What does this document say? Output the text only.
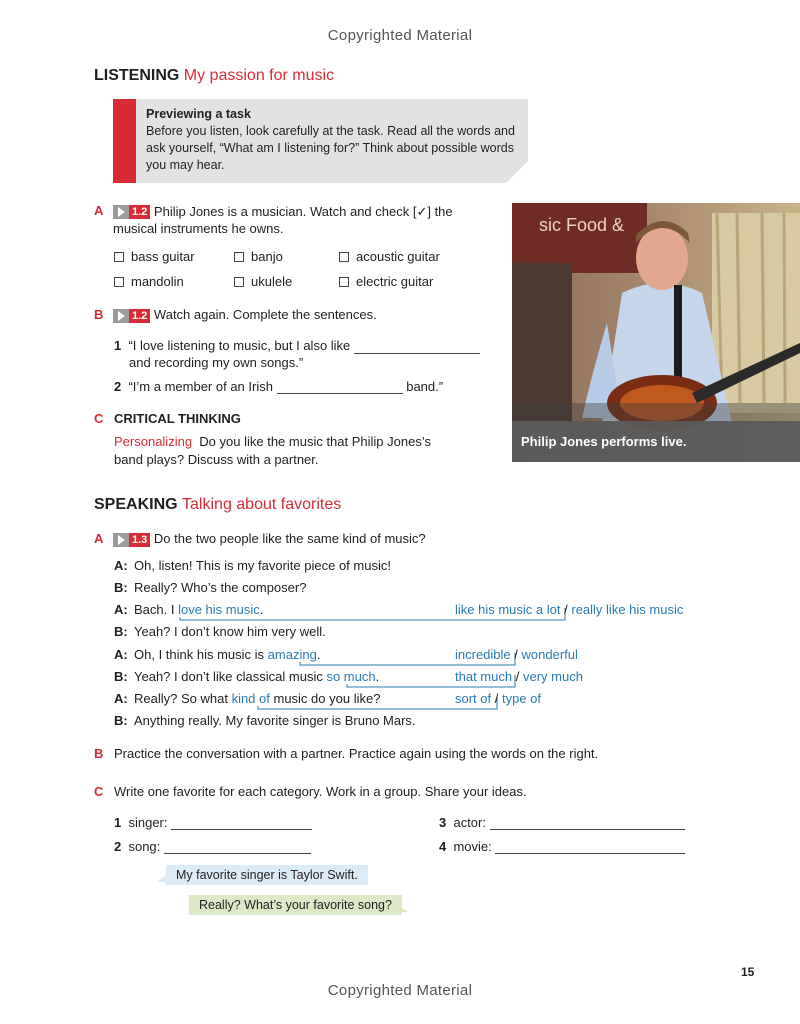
Copyrighted Material
Copyrighted Material
15
LISTENING My passion for music
Previewing a task
Before you listen, look carefully at the task. Read all the words and ask yourself, “What am I listening for?” Think about possible words you may hear.
A	1.2 Philip Jones is a musician. Watch and check [✓] the
musical instruments he owns.
bass guitar	banjo	acoustic guitar
mandolin	ukulele	electric guitar
B	1.2 Watch again. Complete the sentences.
1 “I love listening to music, but I also like
and recording my own songs.”
2 “I’m a member of an Irish	band.”
C CRITICAL THINKING
Personalizing Do you like the music that Philip Jones’s
band plays? Discuss with a partner.
sic Food &
Philip Jones performs live.
SPEAKING Talking about favorites
A	1.3 Do the two people like the same kind of music?
A: Oh, listen! This is my favorite piece of music!
B: Really? Who’s the composer?
A: Bach. I love his music.
B: Yeah? I don’t know him very well.
A: Oh, I think his music is amazing.
B: Yeah? I don’t like classical music so much.
A: Really? So what kind of music do you like?
B: Anything really. My favorite singer is Bruno Mars.
like his music a lot / really like his music
incredible / wonderful
that much / very much
sort of / type of
B Practice the conversation with a partner. Practice again using the words on the right.
C Write one favorite for each category. Work in a group. Share your ideas.
1 singer:
2 song:
3 actor:
4 movie:
My favorite singer is Taylor Swift.
Really? What’s your favorite song?
